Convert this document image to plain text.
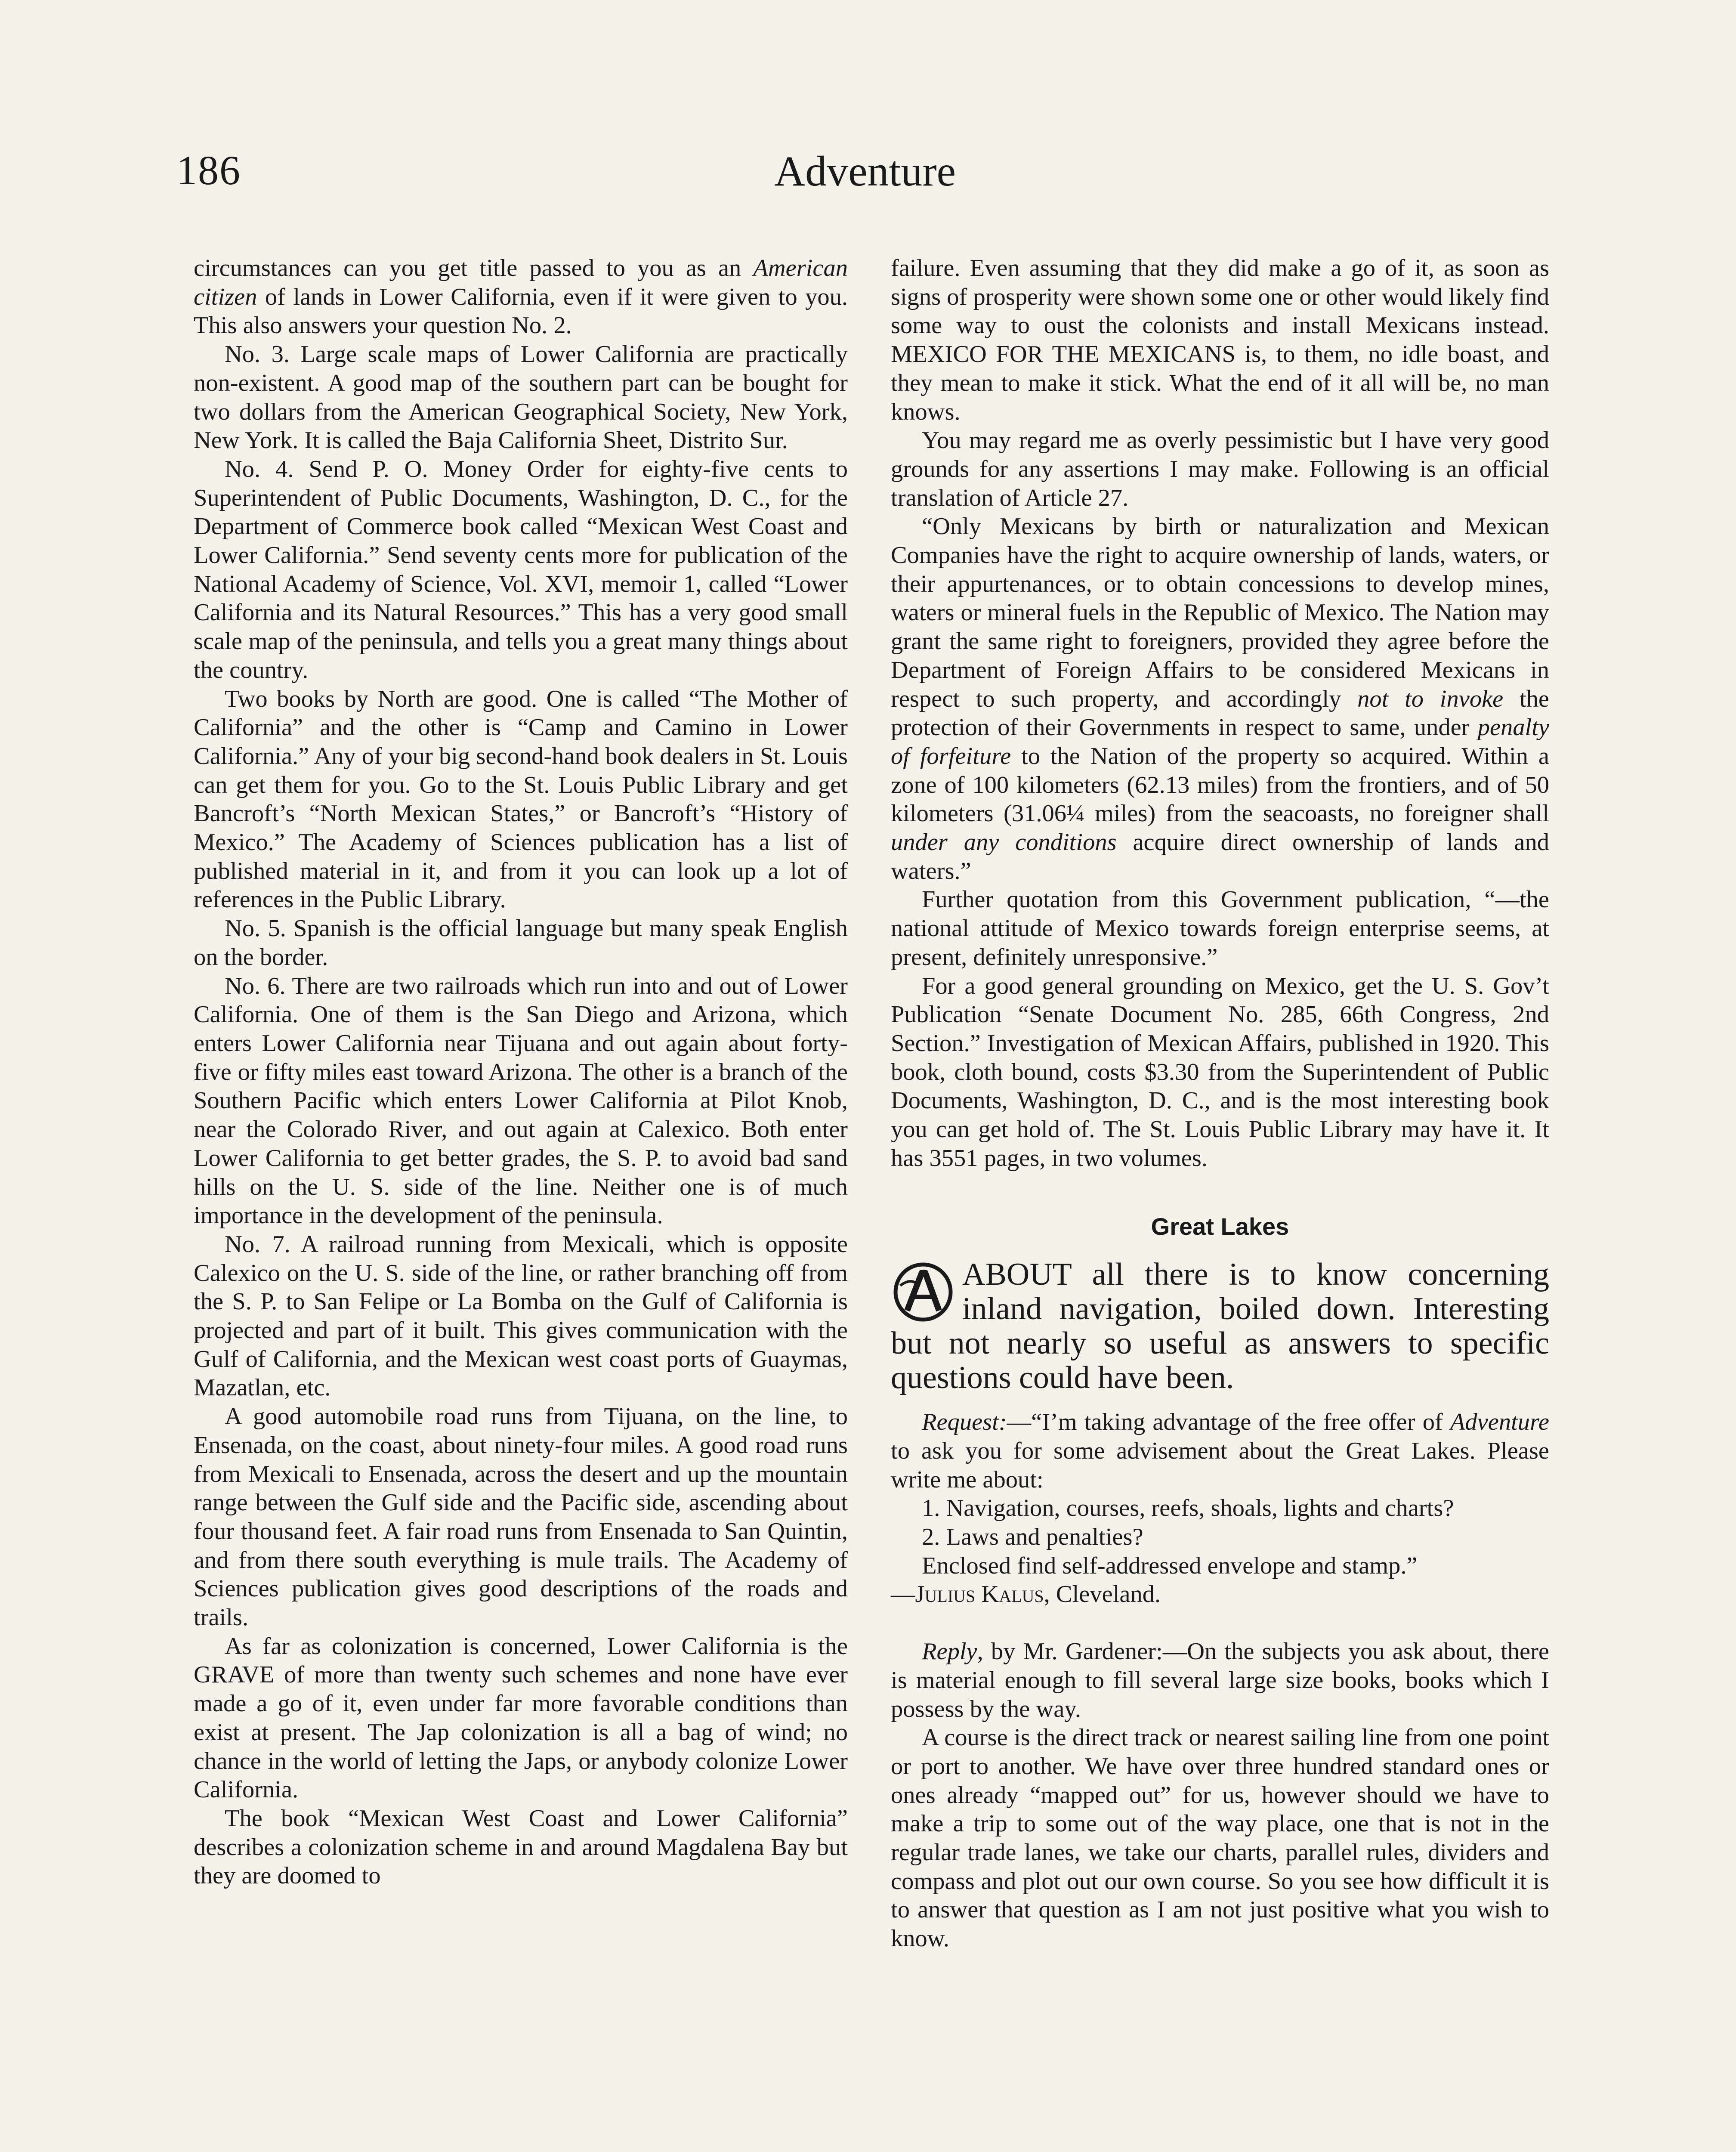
186	Adventure

circumstances can you get title passed to you as an American citizen of lands in Lower California, even if it were given to you. This also answers your question No. 2.

No. 3. Large scale maps of Lower California are practically non-existent. A good map of the southern part can be bought for two dollars from the American Geographical Society, New York, New York. It is called the Baja California Sheet, Distrito Sur.

No. 4. Send P. O. Money Order for eighty-five cents to Superintendent of Public Documents, Washington, D. C., for the Department of Commerce book called “Mexican West Coast and Lower California.” Send seventy cents more for publication of the National Academy of Science, Vol. XVI, memoir 1, called “Lower California and its Natural Resources.” This has a very good small scale map of the peninsula, and tells you a great many things about the country.

Two books by North are good. One is called “The Mother of California” and the other is “Camp and Camino in Lower California.” Any of your big second-hand book dealers in St. Louis can get them for you. Go to the St. Louis Public Library and get Bancroft’s “North Mexican States,” or Bancroft’s “History of Mexico.” The Academy of Sciences publication has a list of published material in it, and from it you can look up a lot of references in the Public Library.

No. 5. Spanish is the official language but many speak English on the border.

No. 6. There are two railroads which run into and out of Lower California. One of them is the San Diego and Arizona, which enters Lower California near Tijuana and out again about forty-five or fifty miles east toward Arizona. The other is a branch of the Southern Pacific which enters Lower California at Pilot Knob, near the Colorado River, and out again at Calexico. Both enter Lower California to get better grades, the S. P. to avoid bad sand hills on the U. S. side of the line. Neither one is of much importance in the development of the peninsula.

No. 7. A railroad running from Mexicali, which is opposite Calexico on the U. S. side of the line, or rather branching off from the S. P. to San Felipe or La Bomba on the Gulf of California is projected and part of it built. This gives communication with the Gulf of California, and the Mexican west coast ports of Guaymas, Mazatlan, etc.

A good automobile road runs from Tijuana, on the line, to Ensenada, on the coast, about ninety-four miles. A good road runs from Mexicali to Ensenada, across the desert and up the mountain range between the Gulf side and the Pacific side, ascending about four thousand feet. A fair road runs from Ensenada to San Quintin, and from there south everything is mule trails. The Academy of Sciences publication gives good descriptions of the roads and trails.

As far as colonization is concerned, Lower California is the GRAVE of more than twenty such schemes and none have ever made a go of it, even under far more favorable conditions than exist at present. The Jap colonization is all a bag of wind; no chance in the world of letting the Japs, or anybody colonize Lower California.

The book “Mexican West Coast and Lower California” describes a colonization scheme in and around Magdalena Bay but they are doomed to

failure. Even assuming that they did make a go of it, as soon as signs of prosperity were shown some one or other would likely find some way to oust the colonists and install Mexicans instead. MEXICO FOR THE MEXICANS is, to them, no idle boast, and they mean to make it stick. What the end of it all will be, no man knows.

You may regard me as overly pessimistic but I have very good grounds for any assertions I may make. Following is an official translation of Article 27.

“Only Mexicans by birth or naturalization and Mexican Companies have the right to acquire ownership of lands, waters, or their appurtenances, or to obtain concessions to develop mines, waters or mineral fuels in the Republic of Mexico. The Nation may grant the same right to foreigners, provided they agree before the Department of Foreign Affairs to be considered Mexicans in respect to such property, and accordingly not to invoke the protection of their Governments in respect to same, under penalty of forfeiture to the Nation of the property so acquired. Within a zone of 100 kilometers (62.13 miles) from the frontiers, and of 50 kilometers (31.06¼ miles) from the seacoasts, no foreigner shall under any conditions acquire direct ownership of lands and waters.”

Further quotation from this Government publication, “—the national attitude of Mexico towards foreign enterprise seems, at present, definitely unresponsive.”

For a good general grounding on Mexico, get the U. S. Gov’t Publication “Senate Document No. 285, 66th Congress, 2nd Section.” Investigation of Mexican Affairs, published in 1920. This book, cloth bound, costs $3.30 from the Superintendent of Public Documents, Washington, D. C., and is the most interesting book you can get hold of. The St. Louis Public Library may have it. It has 3551 pages, in two volumes.

Great Lakes
ABOUT all there is to know concerning inland navigation, boiled down. Interesting but not nearly so useful as answers to specific questions could have been.

Request:—“I’m taking advantage of the free offer of Adventure to ask you for some advisement about the Great Lakes. Please write me about:

1. Navigation, courses, reefs, shoals, lights and charts?

2. Laws and penalties?

Enclosed find self-addressed envelope and stamp.”

—Julius Kalus, Cleveland.

Reply, by Mr. Gardener:—On the subjects you ask about, there is material enough to fill several large size books, books which I possess by the way.

A course is the direct track or nearest sailing line from one point or port to another. We have over three hundred standard ones or ones already “mapped out” for us, however should we have to make a trip to some out of the way place, one that is not in the regular trade lanes, we take our charts, parallel rules, dividers and compass and plot out our own course. So you see how difficult it is to answer that question as I am not just positive what you wish to know.
